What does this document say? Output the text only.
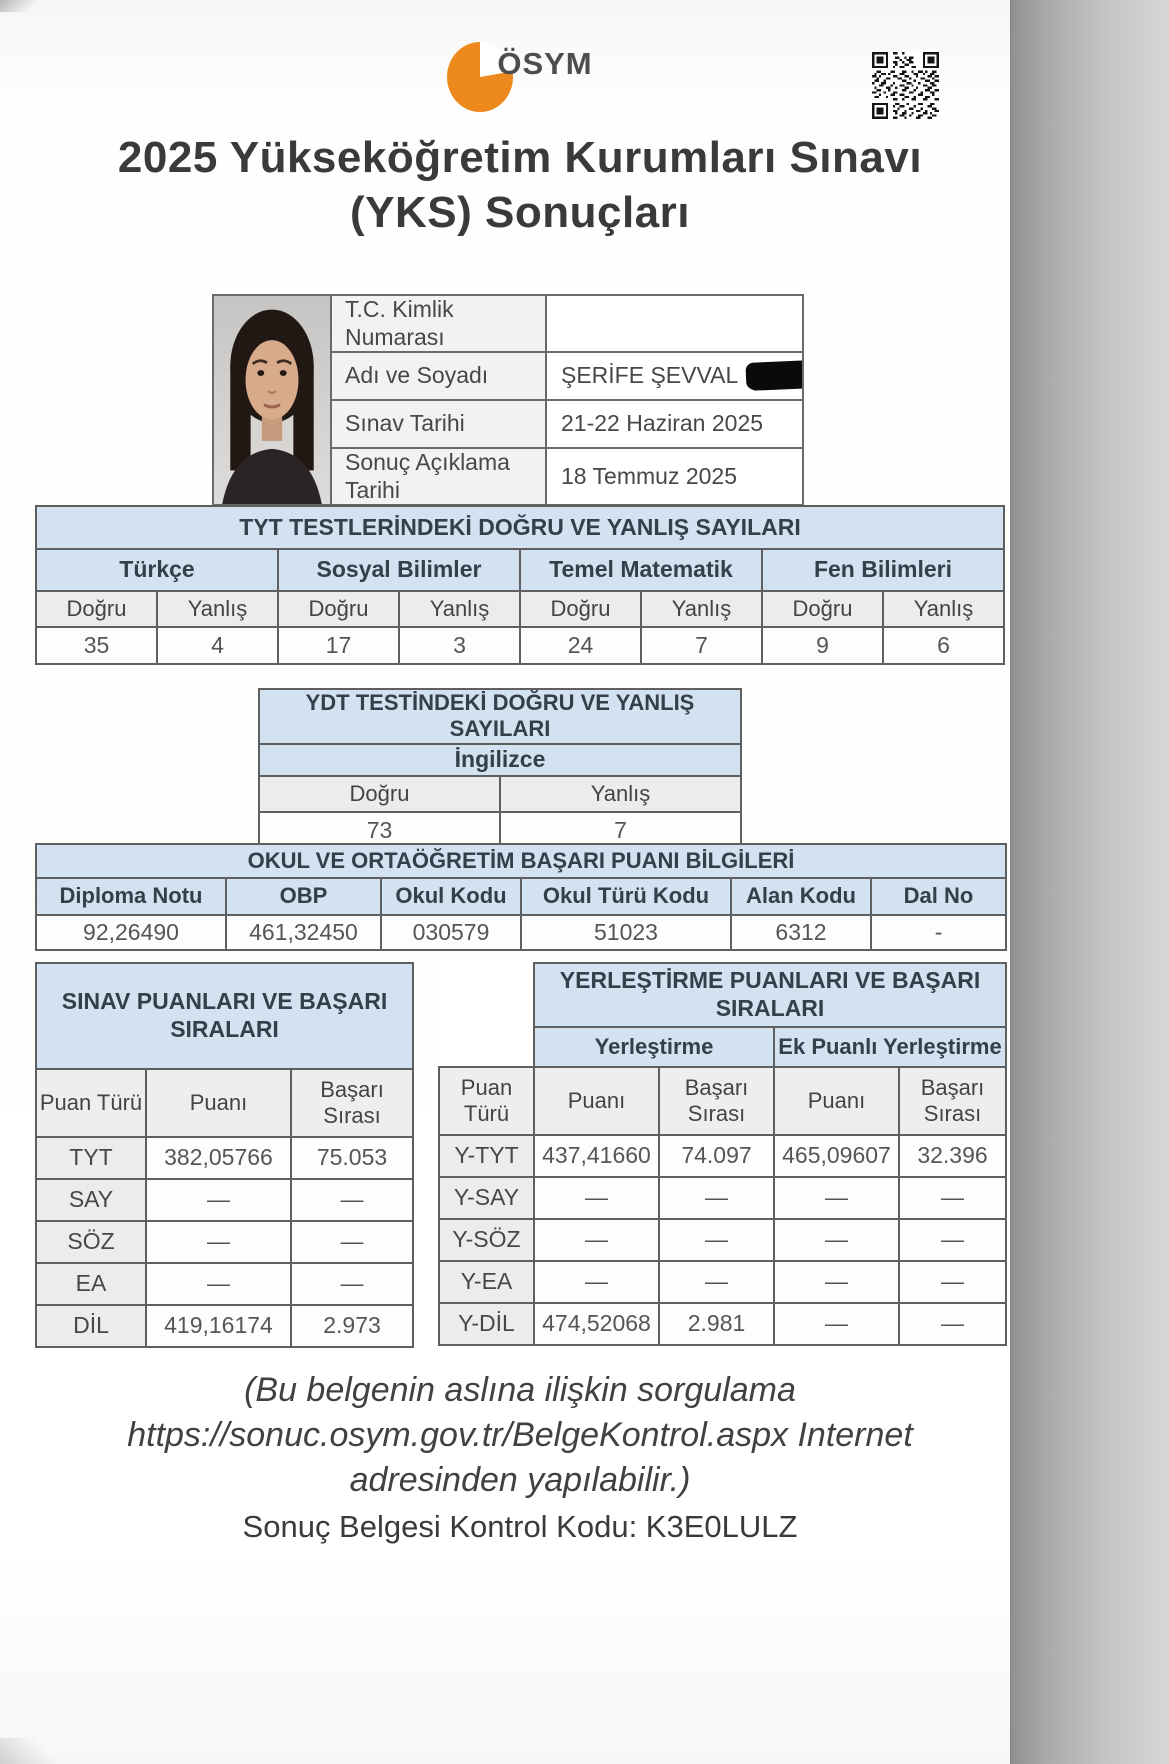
ÖSYM
2025 Yükseköğretim Kurumları Sınavı
(YKS) Sonuçları
	T.C. Kimlik Numarası	
	Adı ve Soyadı	ŞERİFE ŞEVVAL
	Sınav Tarihi	21-22 Haziran 2025
	Sonuç Açıklama Tarihi	18 Temmuz 2025
TYT TESTLERİNDEKİ DOĞRU VE YANLIŞ SAYILARI							
Türkçe		Sosyal Bilimler		Temel Matematik		Fen Bilimleri	
Doğru	Yanlış	Doğru	Yanlış	Doğru	Yanlış	Doğru	Yanlış
35	4	17	3	24	7	9	6
YDT TESTİNDEKİ DOĞRU VE YANLIŞ SAYILARI	
İngilizce	
Doğru	Yanlış
73	7
OKUL VE ORTAÖĞRETİM BAŞARI PUANI BİLGİLERİ					
Diploma Notu	OBP	Okul Kodu	Okul Türü Kodu	Alan Kodu	Dal No
92,26490	461,32450	030579	51023	6312	-
SINAV PUANLARI VE BAŞARI SIRALARI		
Puan Türü	Puanı	Başarı Sırası
TYT	382,05766	75.053
SAY	—	—
SÖZ	—	—
EA	—	—
DİL	419,16174	2.973
	YERLEŞTİRME PUANLARI VE BAŞARI SIRALARI			
	Yerleştirme		Ek Puanlı Yerleştirme	
Puan Türü	Puanı	Başarı Sırası	Puanı	Başarı Sırası
Y-TYT	437,41660	74.097	465,09607	32.396
Y-SAY	—	—	—	—
Y-SÖZ	—	—	—	—
Y-EA	—	—	—	—
Y-DİL	474,52068	2.981	—	—
(Bu belgenin aslına ilişkin sorgulama
https://sonuc.osym.gov.tr/BelgeKontrol.aspx Internet
adresinden yapılabilir.)
Sonuç Belgesi Kontrol Kodu: K3E0LULZ
